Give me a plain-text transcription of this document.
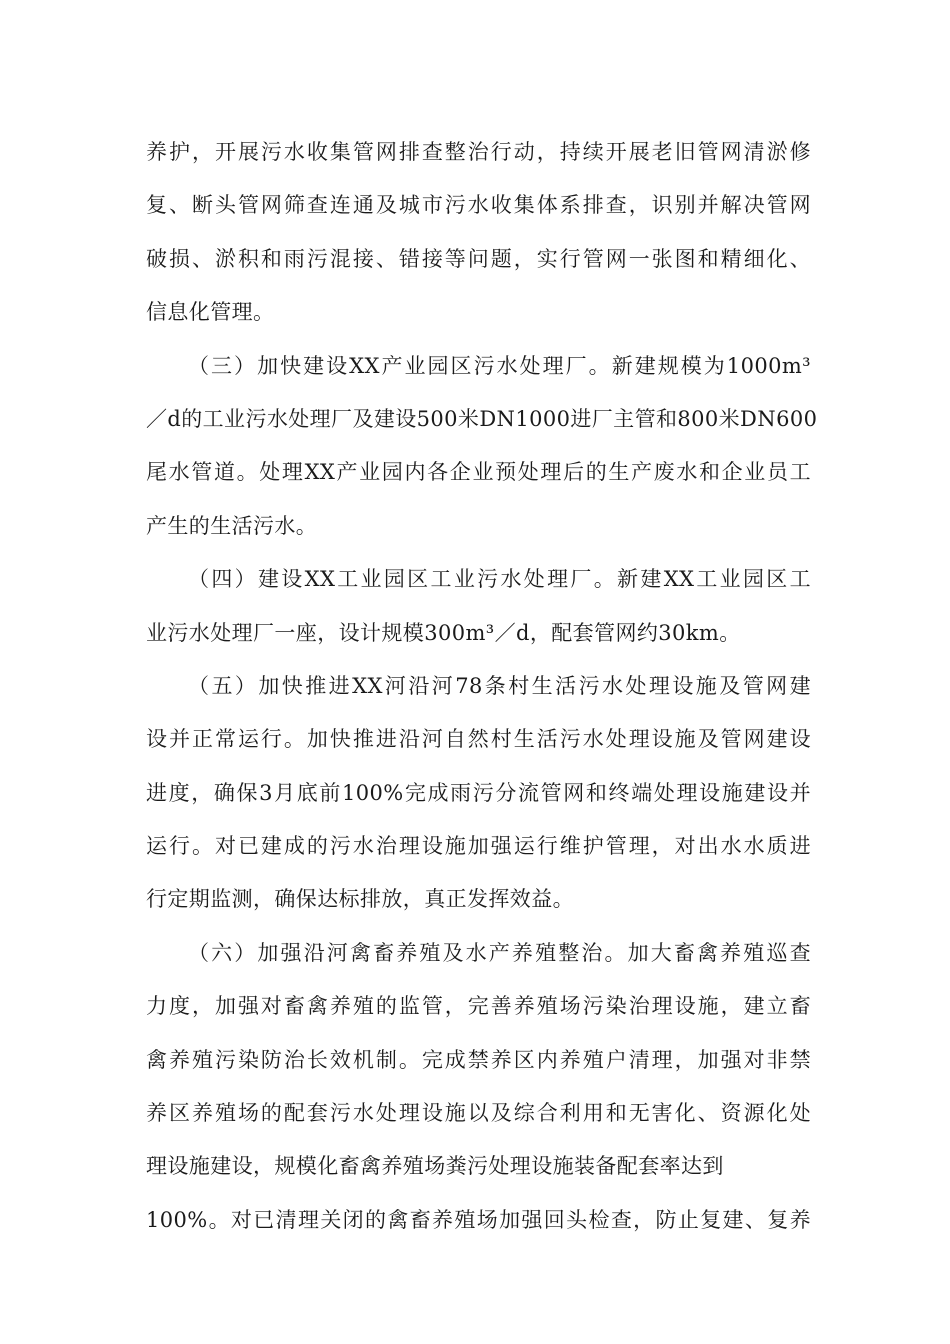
养护，开展污水收集管网排查整治行动，持续开展老旧管网清淤修
复、断头管网筛查连通及城市污水收集体系排查，识别并解决管网
破损、淤积和雨污混接、错接等问题，实行管网一张图和精细化、
信息化管理。
（三）加快建设XX产业园区污水处理厂。新建规模为1000m³
／d的工业污水处理厂及建设500米DN1000进厂主管和800米DN600
尾水管道。处理XX产业园内各企业预处理后的生产废水和企业员工
产生的生活污水。
（四）建设XX工业园区工业污水处理厂。新建XX工业园区工
业污水处理厂一座，设计规模300m³／d，配套管网约30km。
（五）加快推进XX河沿河78条村生活污水处理设施及管网建
设并正常运行。加快推进沿河自然村生活污水处理设施及管网建设
进度，确保3月底前100%完成雨污分流管网和终端处理设施建设并
运行。对已建成的污水治理设施加强运行维护管理，对出水水质进
行定期监测，确保达标排放，真正发挥效益。
（六）加强沿河禽畜养殖及水产养殖整治。加大畜禽养殖巡查
力度，加强对畜禽养殖的监管，完善养殖场污染治理设施，建立畜
禽养殖污染防治长效机制。完成禁养区内养殖户清理，加强对非禁
养区养殖场的配套污水处理设施以及综合利用和无害化、资源化处
理设施建设，规模化畜禽养殖场粪污处理设施装备配套率达到
100%。对已清理关闭的禽畜养殖场加强回头检查，防止复建、复养
